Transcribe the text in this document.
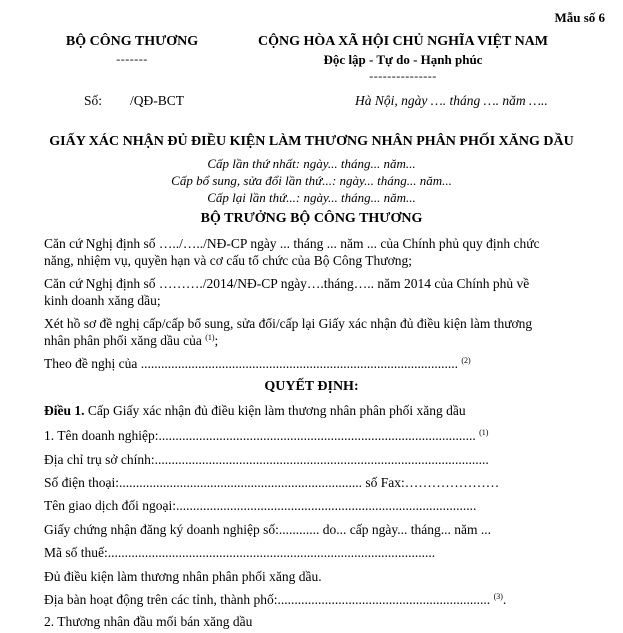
Mẫu số 6
BỘ CÔNG THƯƠNG
-------
CỘNG HÒA XÃ HỘI CHỦ NGHĨA VIỆT NAM
Độc lập - Tự do - Hạnh phúc
---------------
Số: /QĐ-BCT	Hà Nội, ngày …. tháng …. năm …..
GIẤY XÁC NHẬN ĐỦ ĐIỀU KIỆN LÀM THƯƠNG NHÂN PHÂN PHỐI XĂNG DẦU
Cấp lần thứ nhất: ngày... tháng... năm...
Cấp bổ sung, sửa đổi lần thứ...: ngày... tháng... năm...
Cấp lại lần thứ...: ngày... tháng... năm...
BỘ TRƯỞNG BỘ CÔNG THƯƠNG
Căn cứ Nghị định số …../…../NĐ-CP ngày ... tháng ... năm ... của Chính phủ quy định chức
năng, nhiệm vụ, quyền hạn và cơ cấu tổ chức của Bộ Công Thương;
Căn cứ Nghị định số ………./2014/NĐ-CP ngày….tháng….. năm 2014 của Chính phủ về
kinh doanh xăng dầu;
Xét hồ sơ đề nghị cấp/cấp bổ sung, sửa đổi/cấp lại Giấy xác nhận đủ điều kiện làm thương
nhân phân phối xăng dầu của $^{(1)}$;
Theo đề nghị của .............................................................................................. $^{(2)}$
QUYẾT ĐỊNH:
Điều 1. Cấp Giấy xác nhận đủ điều kiện làm thương nhân phân phối xăng dầu
1. Tên doanh nghiệp:.............................................................................................. $^{(1)}$
Địa chỉ trụ sở chính:...................................................................................................
Số điện thoại:........................................................................ số Fax:…………………
Tên giao dịch đối ngoại:.........................................................................................
Giấy chứng nhận đăng ký doanh nghiệp số:............ do... cấp ngày... tháng... năm ...
Mã số thuế:.................................................................................................
Đủ điều kiện làm thương nhân phân phối xăng dầu.
Địa bàn hoạt động trên các tỉnh, thành phố:............................................................... $^{(3)}$.
2. Thương nhân đầu mối bán xăng dầu
